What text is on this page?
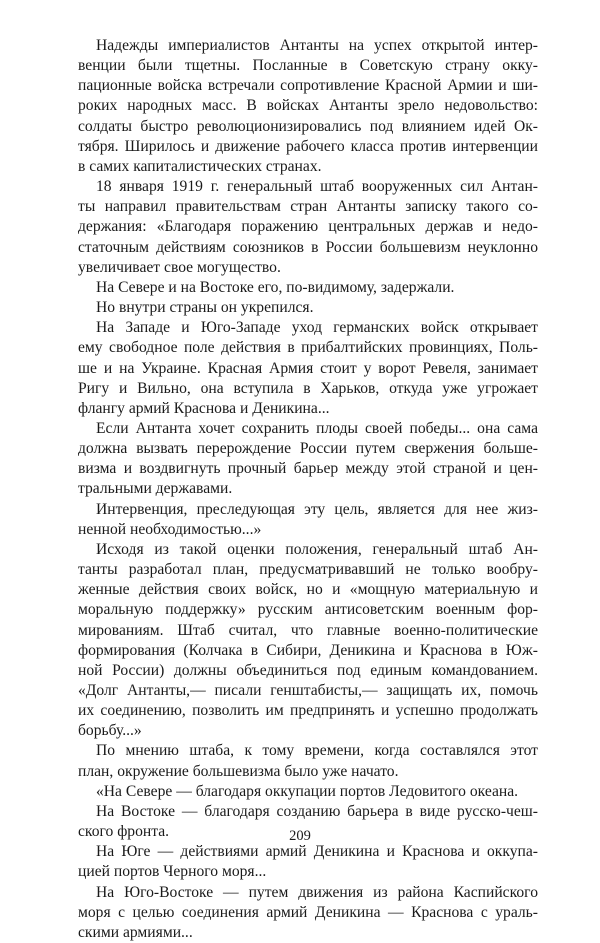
Надежды империалистов Антанты на успех открытой интер-
венции были тщетны. Посланные в Советскую страну окку-
пационные войска встречали сопротивление Красной Армии и ши-
роких народных масс. В войсках Антанты зрело недовольство:
солдаты быстро революционизировались под влиянием идей Ок-
тября. Ширилось и движение рабочего класса против интервенции
в самих капиталистических странах.

18 января 1919 г. генеральный штаб вооруженных сил Антан-
ты направил правительствам стран Антанты записку такого со-
держания: «Благодаря поражению центральных держав и недо-
статочным действиям союзников в России большевизм неуклонно
увеличивает свое могущество.

На Севере и на Востоке его, по-видимому, задержали.

Но внутри страны он укрепился.

На Западе и Юго-Западе уход германских войск открывает
ему свободное поле действия в прибалтийских провинциях, Поль-
ше и на Украине. Красная Армия стоит у ворот Ревеля, занимает
Ригу и Вильно, она вступила в Харьков, откуда уже угрожает
флангу армий Краснова и Деникина...

Если Антанта хочет сохранить плоды своей победы... она сама
должна вызвать перерождение России путем свержения больше-
визма и воздвигнуть прочный барьер между этой страной и цен-
тральными державами.

Интервенция, преследующая эту цель, является для нее жиз-
ненной необходимостью...»

Исходя из такой оценки положения, генеральный штаб Ан-
танты разработал план, предусматривавший не только вообру-
женные действия своих войск, но и «мощную материальную и
моральную поддержку» русским антисоветским военным фор-
мированиям. Штаб считал, что главные военно-политические
формирования (Колчака в Сибири, Деникина и Краснова в Юж-
ной России) должны объединиться под единым командованием.
«Долг Антанты,— писали генштабисты,— защищать их, помочь
их соединению, позволить им предпринять и успешно продолжать
борьбу...»

По мнению штаба, к тому времени, когда составлялся этот
план, окружение большевизма было уже начато.

«На Севере — благодаря оккупации портов Ледовитого океана.

На Востоке — благодаря созданию барьера в виде русско-чеш-
ского фронта.

На Юге — действиями армий Деникина и Краснова и оккупа-
цией портов Черного моря...

На Юго-Востоке — путем движения из района Каспийского
моря с целью соединения армий Деникина — Краснова с ураль-
скими армиями...

209
